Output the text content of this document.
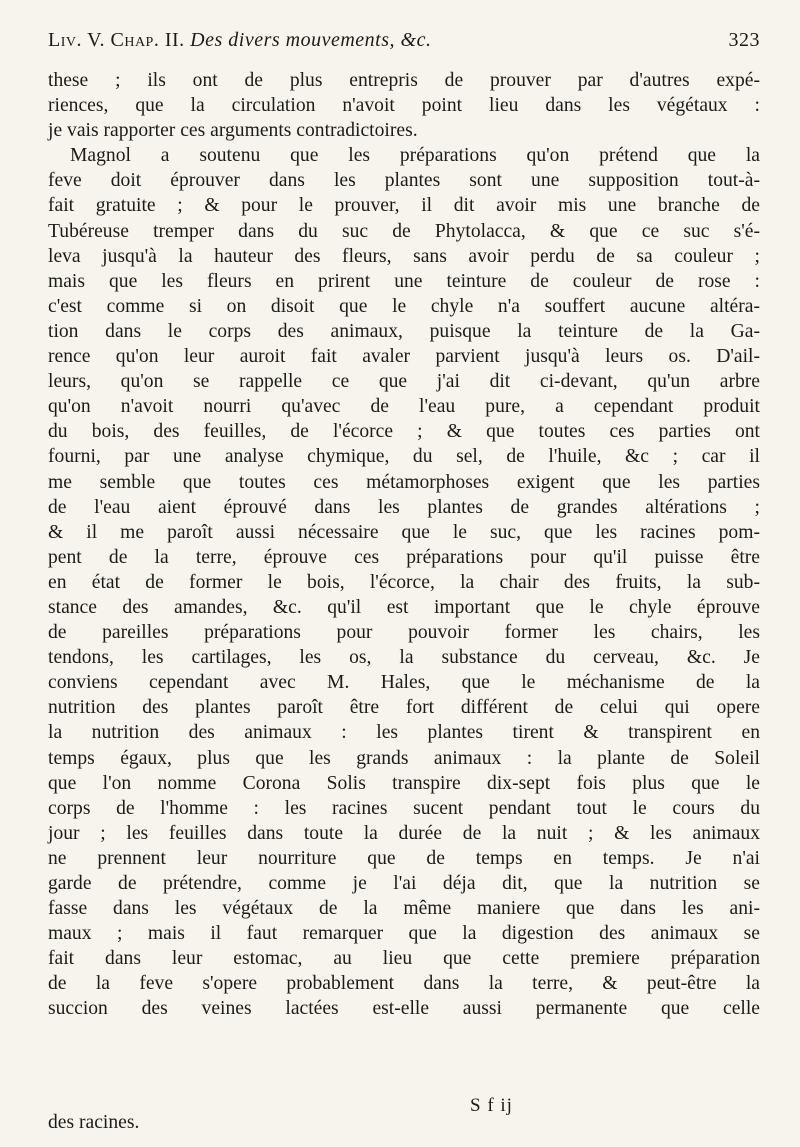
Liv. V. Chap. II. Des divers mouvements, &c.	323
these ; ils ont de plus entrepris de prouver par d'autres expé-
riences, que la circulation n'avoit point lieu dans les végétaux :
je vais rapporter ces arguments contradictoires.
Magnol a soutenu que les préparations qu'on prétend que la
feve doit éprouver dans les plantes sont une supposition tout-à-
fait gratuite ; & pour le prouver, il dit avoir mis une branche de
Tubéreuse tremper dans du suc de Phytolacca, & que ce suc s'é-
leva jusqu'à la hauteur des fleurs, sans avoir perdu de sa couleur ;
mais que les fleurs en prirent une teinture de couleur de rose :
c'est comme si on disoit que le chyle n'a souffert aucune altéra-
tion dans le corps des animaux, puisque la teinture de la Ga-
rence qu'on leur auroit fait avaler parvient jusqu'à leurs os. D'ail-
leurs, qu'on se rappelle ce que j'ai dit ci-devant, qu'un arbre
qu'on n'avoit nourri qu'avec de l'eau pure, a cependant produit
du bois, des feuilles, de l'écorce ; & que toutes ces parties ont
fourni, par une analyse chymique, du sel, de l'huile, &c ; car il
me semble que toutes ces métamorphoses exigent que les parties
de l'eau aient éprouvé dans les plantes de grandes altérations ;
& il me paroît aussi nécessaire que le suc, que les racines pom-
pent de la terre, éprouve ces préparations pour qu'il puisse être
en état de former le bois, l'écorce, la chair des fruits, la sub-
stance des amandes, &c. qu'il est important que le chyle éprouve
de pareilles préparations pour pouvoir former les chairs, les
tendons, les cartilages, les os, la substance du cerveau, &c. Je
conviens cependant avec M. Hales, que le méchanisme de la
nutrition des plantes paroît être fort différent de celui qui opere
la nutrition des animaux : les plantes tirent & transpirent en
temps égaux, plus que les grands animaux : la plante de Soleil
que l'on nomme Corona Solis transpire dix-sept fois plus que le
corps de l'homme : les racines sucent pendant tout le cours du
jour ; les feuilles dans toute la durée de la nuit ; & les animaux
ne prennent leur nourriture que de temps en temps. Je n'ai
garde de prétendre, comme je l'ai déja dit, que la nutrition se
fasse dans les végétaux de la même maniere que dans les ani-
maux ; mais il faut remarquer que la digestion des animaux se
fait dans leur estomac, au lieu que cette premiere préparation
de la feve s'opere probablement dans la terre, & peut-être la
succion des veines lactées est-elle aussi permanente que celle
S f ij
des racines.
